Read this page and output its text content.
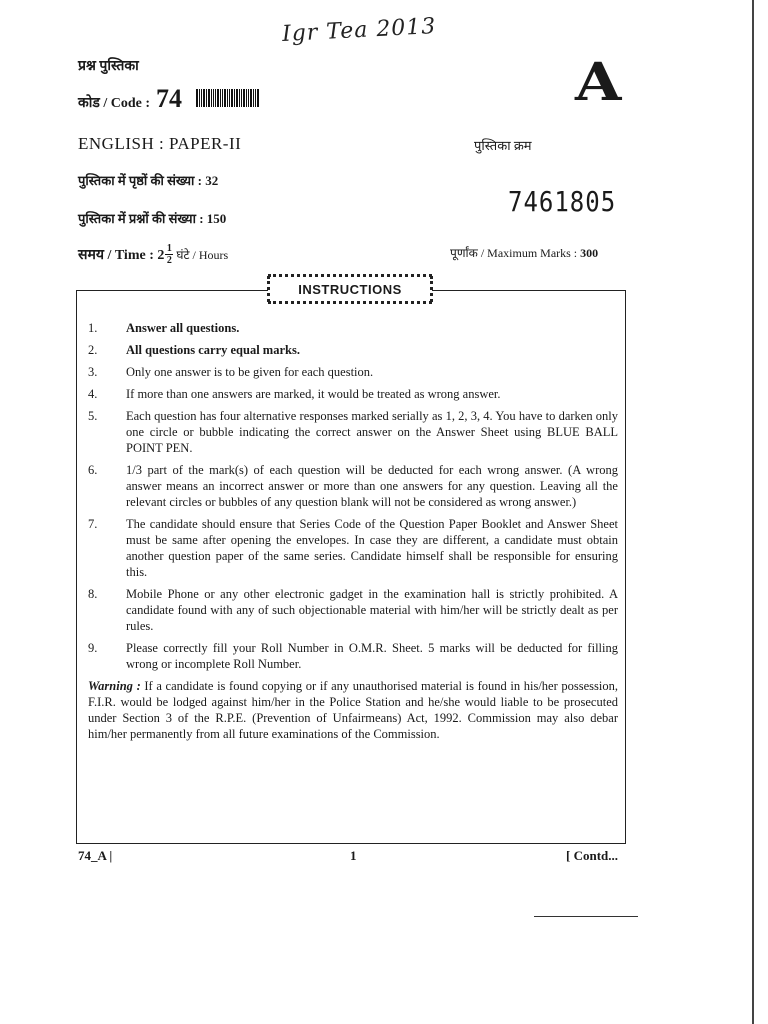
Igr Tea 2013
प्रश्न पुस्तिका
कोड / Code : 74	A
ENGLISH : PAPER-II	पुस्तिका क्रम
7461805
पुस्तिका में पृष्ठों की संख्या : 32
पुस्तिका में प्रश्नों की संख्या : 150
समय / Time : $2 \frac{1}{2}$ घंटे / Hours	पूर्णांक / Maximum Marks : 300
INSTRUCTIONS
1.	Answer all questions.
2.	All questions carry equal marks.
3.	Only one answer is to be given for each question.
4.	If more than one answers are marked, it would be treated as wrong answer.
5.	Each question has four alternative responses marked serially as 1, 2, 3, 4. You have to darken only one circle or bubble indicating the correct answer on the Answer Sheet using BLUE BALL POINT PEN.
6.	1/3 part of the mark(s) of each question will be deducted for each wrong answer. (A wrong answer means an incorrect answer or more than one answers for any question. Leaving all the relevant circles or bubbles of any question blank will not be considered as wrong answer.)
7.	The candidate should ensure that Series Code of the Question Paper Booklet and Answer Sheet must be same after opening the envelopes. In case they are different, a candidate must obtain another question paper of the same series. Candidate himself shall be responsible for ensuring this.
8.	Mobile Phone or any other electronic gadget in the examination hall is strictly prohibited. A candidate found with any of such objectionable material with him/her will be strictly dealt as per rules.
9.	Please correctly fill your Roll Number in O.M.R. Sheet. 5 marks will be deducted for filling wrong or incomplete Roll Number.
Warning : If a candidate is found copying or if any unauthorised material is found in his/her possession, F.I.R. would be lodged against him/her in the Police Station and he/she would liable to be prosecuted under Section 3 of the R.P.E. (Prevention of Unfairmeans) Act, 1992. Commission may also debar him/her permanently from all future examinations of the Commission.
74_A |	1	[ Contd...
